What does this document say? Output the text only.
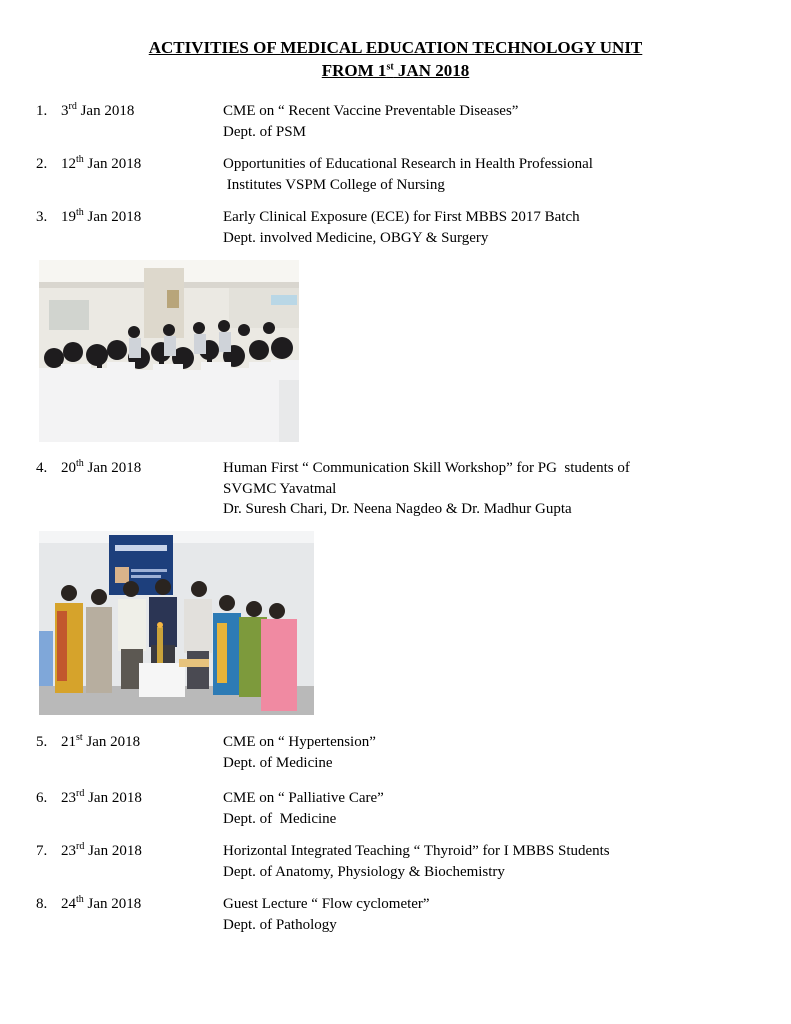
ACTIVITIES OF MEDICAL EDUCATION TECHNOLOGY UNIT
FROM 1st JAN 2018
1. 3rd Jan 2018	CME on “ Recent Vaccine Preventable Diseases”
Dept. of PSM
2. 12th Jan 2018	Opportunities of Educational Research in Health Professional
Institutes VSPM College of Nursing
3. 19th Jan 2018	Early Clinical Exposure (ECE) for First MBBS 2017 Batch
Dept. involved Medicine, OBGY & Surgery
4. 20th Jan 2018	Human First “ Communication Skill Workshop” for PG  students of
SVGMC Yavatmal
Dr. Suresh Chari, Dr. Neena Nagdeo & Dr. Madhur Gupta
5. 21st Jan 2018	CME on “ Hypertension”
Dept. of Medicine
6. 23rd Jan 2018	CME on “ Palliative Care”
Dept. of  Medicine
7. 23rd Jan 2018	Horizontal Integrated Teaching “ Thyroid” for I MBBS Students
Dept. of Anatomy, Physiology & Biochemistry
8. 24th Jan 2018	Guest Lecture “ Flow cyclometer”
Dept. of Pathology
